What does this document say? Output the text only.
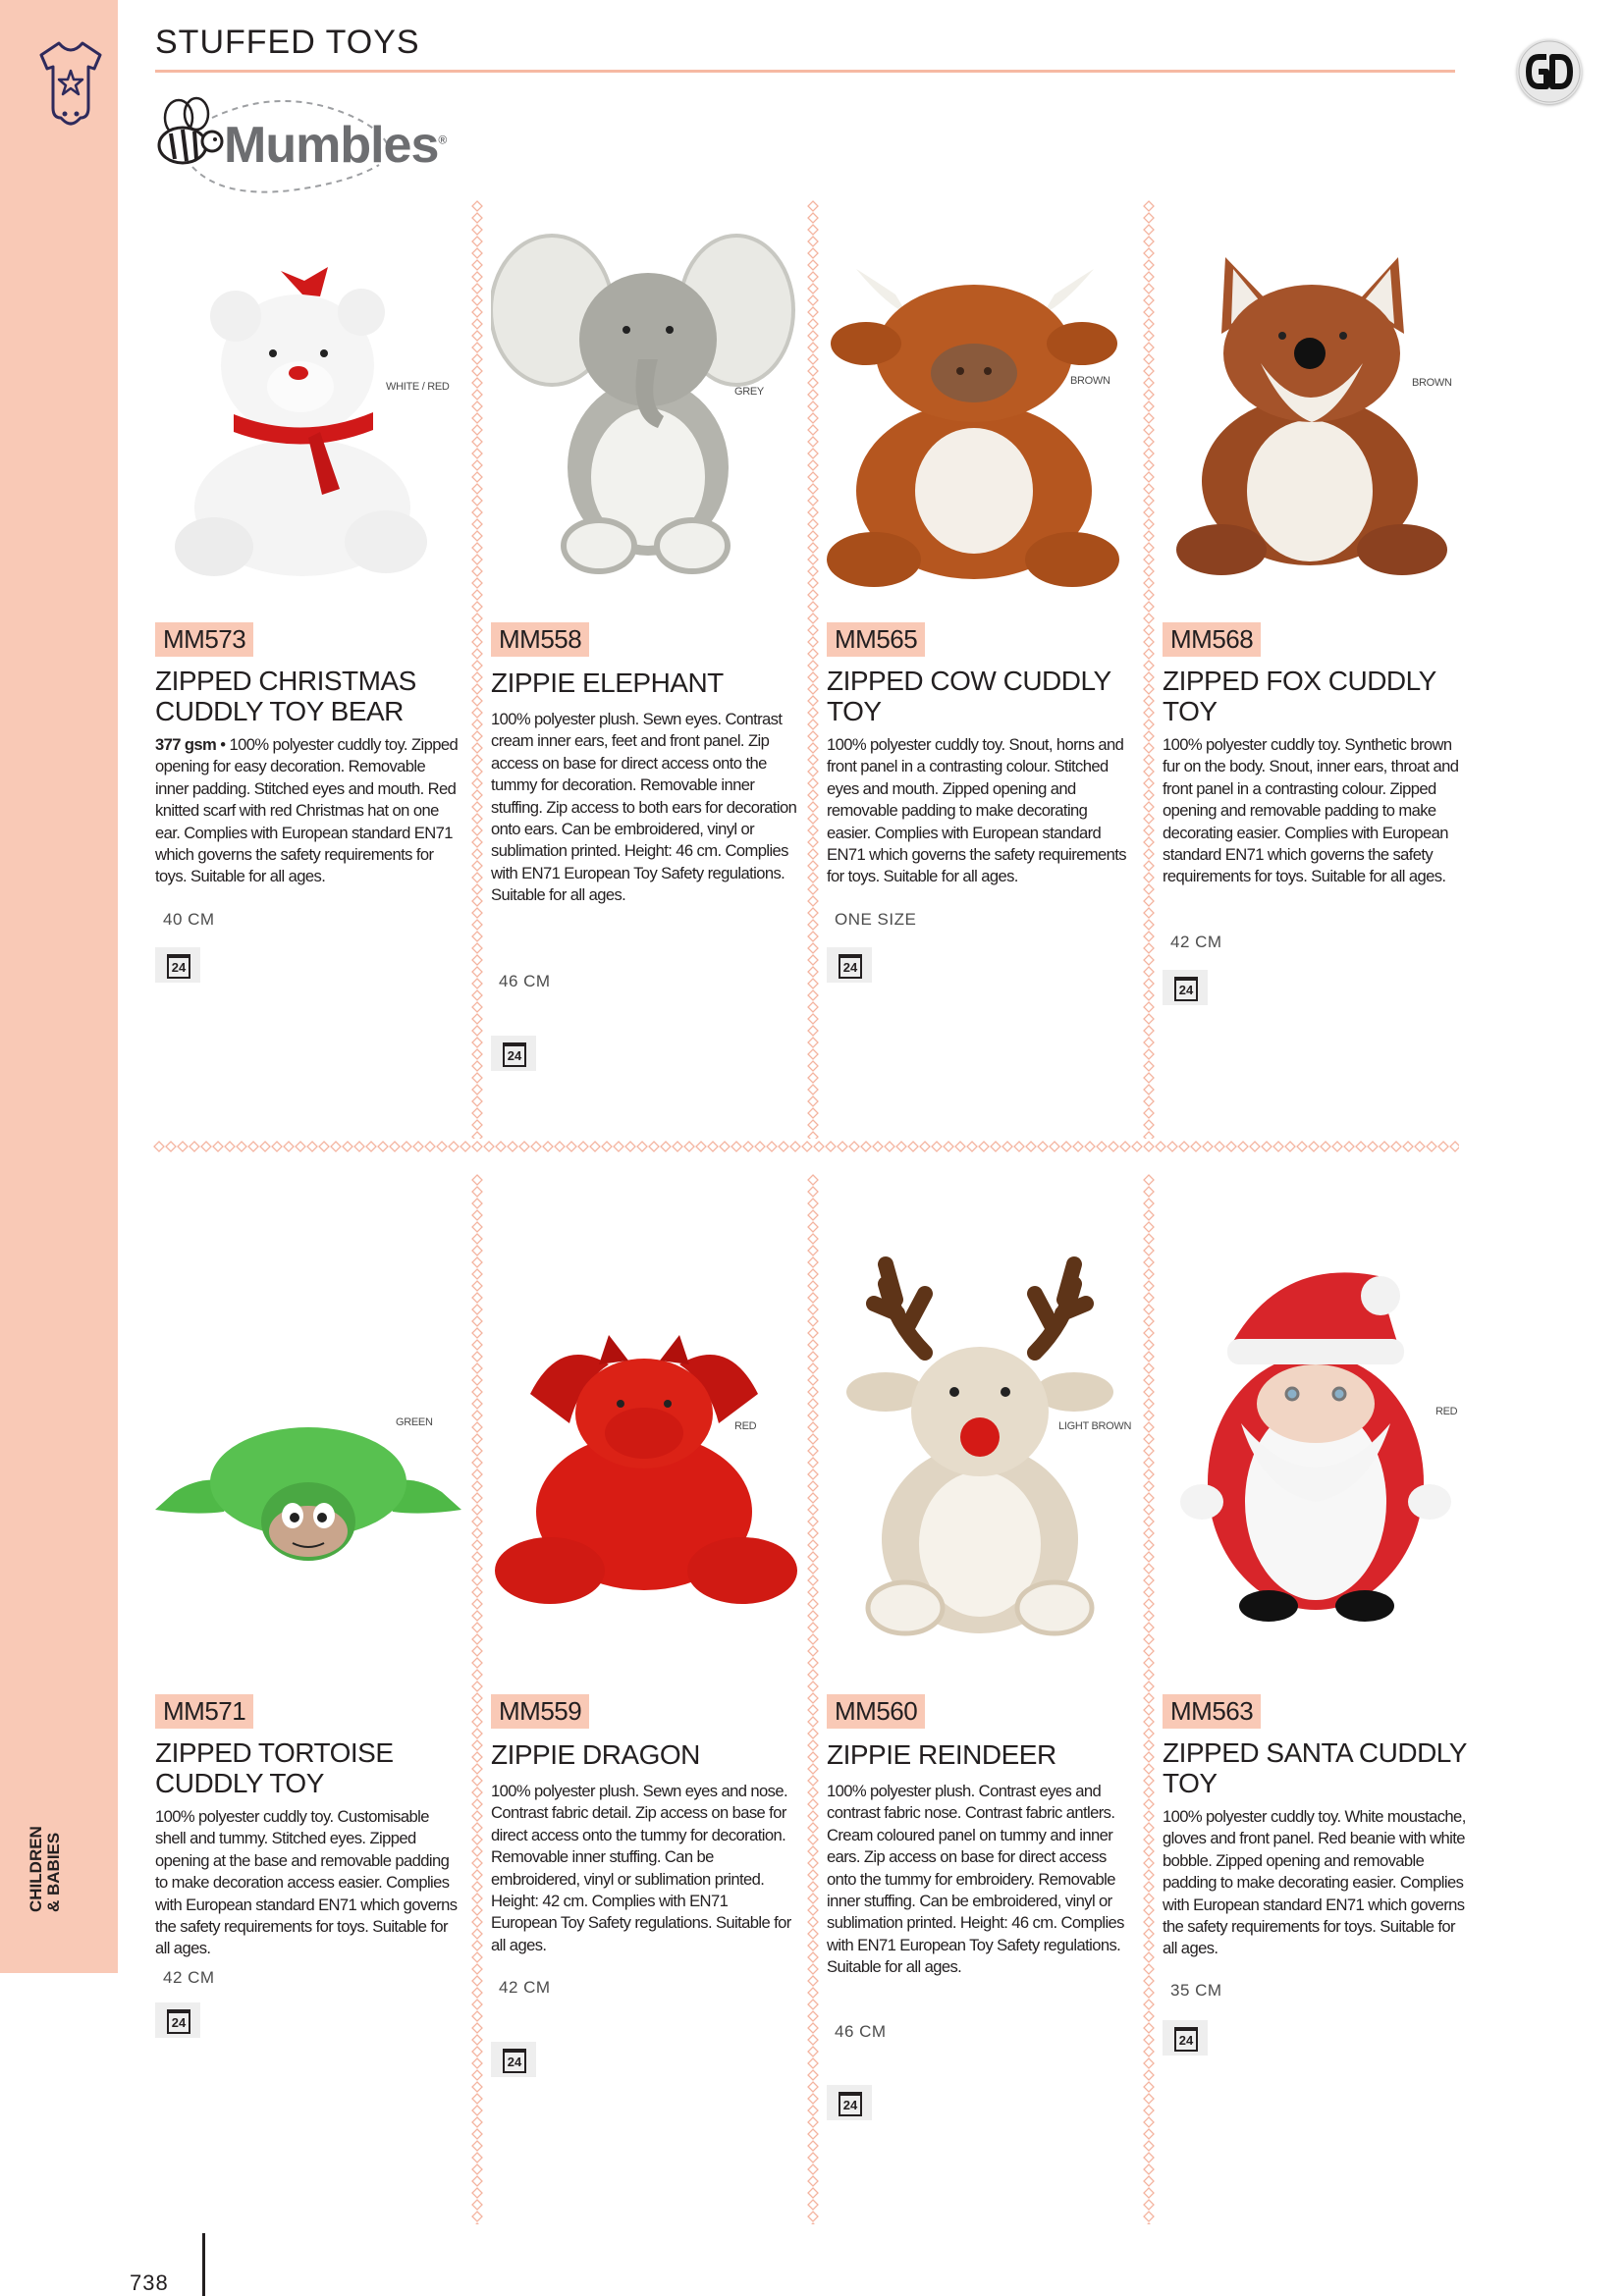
CHILDREN
& BABIES
STUFFED TOYS
Mumbles®
WHITE / RED
MM573
ZIPPED CHRISTMAS CUDDLY TOY BEAR
377 gsm • 100% polyester cuddly toy. Zipped opening for easy decoration. Removable inner padding. Stitched eyes and mouth. Red knitted scarf with red Christmas hat on one ear. Complies with European standard EN71 which governs the safety requirements for toys. Suitable for all ages.
40 CM
24
GREY
MM558
ZIPPIE ELEPHANT
100% polyester plush. Sewn eyes. Contrast cream inner ears, feet and front panel. Zip access on base for direct access onto the tummy for decoration. Removable inner stuffing. Zip access to both ears for decoration onto ears. Can be embroidered, vinyl or sublimation printed. Height: 46 cm. Complies with EN71 European Toy Safety regulations. Suitable for all ages.
46 CM
24
BROWN
MM565
ZIPPED COW CUDDLY TOY
100% polyester cuddly toy. Snout, horns and front panel in a contrasting colour. Stitched eyes and mouth. Zipped opening and removable padding to make decorating easier. Complies with European standard EN71 which governs the safety requirements for toys. Suitable for all ages.
ONE SIZE
24
BROWN
MM568
ZIPPED FOX CUDDLY TOY
100% polyester cuddly toy. Synthetic brown fur on the body. Snout, inner ears, throat and front panel in a contrasting colour. Zipped opening and removable padding to make decorating easier. Complies with European standard EN71 which governs the safety requirements for toys. Suitable for all ages.
42 CM
24
GREEN
MM571
ZIPPED TORTOISE CUDDLY TOY
100% polyester cuddly toy. Customisable shell and tummy. Stitched eyes. Zipped opening at the base and removable padding to make decoration access easier. Complies with European standard EN71 which governs the safety requirements for toys. Suitable for all ages.
42 CM
24
RED
MM559
ZIPPIE DRAGON
100% polyester plush. Sewn eyes and nose. Contrast fabric detail. Zip access on base for direct access onto the tummy for decoration. Removable inner stuffing. Can be embroidered, vinyl or sublimation printed. Height: 42 cm. Complies with EN71 European Toy Safety regulations. Suitable for all ages.
42 CM
24
LIGHT BROWN
MM560
ZIPPIE REINDEER
100% polyester plush. Contrast eyes and contrast fabric nose. Contrast fabric antlers. Cream coloured panel on tummy and inner ears. Zip access on base for direct access onto the tummy for embroidery. Removable inner stuffing. Can be embroidered, vinyl or sublimation printed. Height: 46 cm. Complies with EN71 European Toy Safety regulations. Suitable for all ages.
46 CM
24
RED
MM563
ZIPPED SANTA CUDDLY TOY
100% polyester cuddly toy. White moustache, gloves and front panel. Red beanie with white bobble. Zipped opening and removable padding to make decorating easier. Complies with European standard EN71 which governs the safety requirements for toys. Suitable for all ages.
35 CM
24
738
